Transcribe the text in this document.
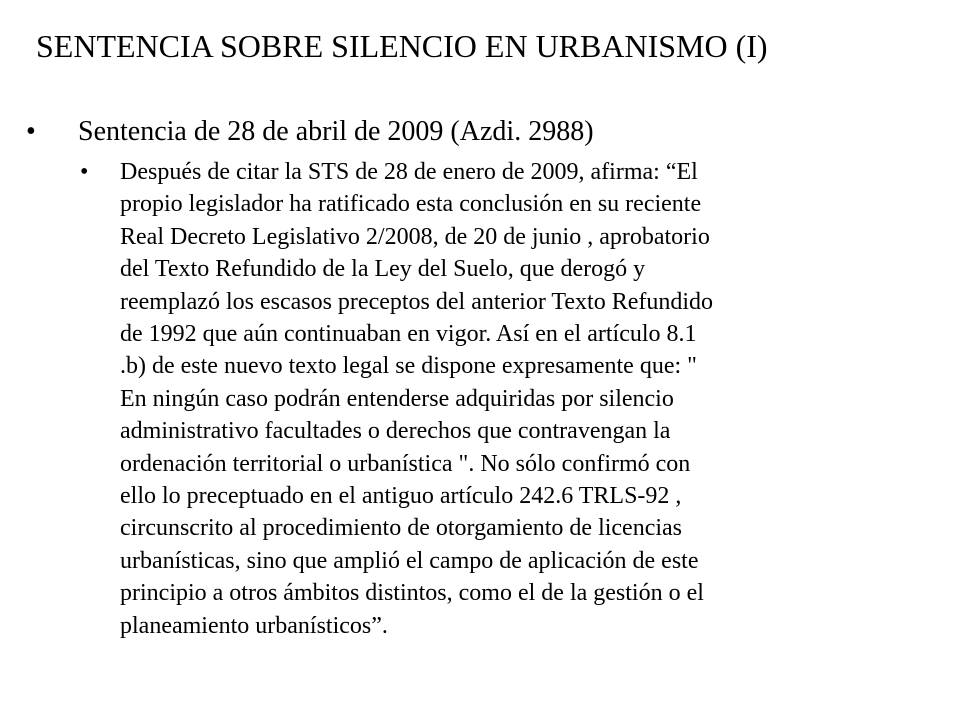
SENTENCIA SOBRE SILENCIO EN URBANISMO (I)
• Sentencia de 28 de abril de 2009 (Azdi. 2988)
• Después de citar la STS de 28 de enero de 2009, afirma: “El
propio legislador ha ratificado esta conclusión en su reciente
Real Decreto Legislativo 2/2008, de 20 de junio , aprobatorio
del Texto Refundido de la Ley del Suelo, que derogó y
reemplazó los escasos preceptos del anterior Texto Refundido
de 1992 que aún continuaban en vigor. Así en el artículo 8.1
.b) de este nuevo texto legal se dispone expresamente que: "
En ningún caso podrán entenderse adquiridas por silencio
administrativo facultades o derechos que contravengan la
ordenación territorial o urbanística ". No sólo confirmó con
ello lo preceptuado en el antiguo artículo 242.6 TRLS-92 ,
circunscrito al procedimiento de otorgamiento de licencias
urbanísticas, sino que amplió el campo de aplicación de este
principio a otros ámbitos distintos, como el de la gestión o el
planeamiento urbanísticos”.
